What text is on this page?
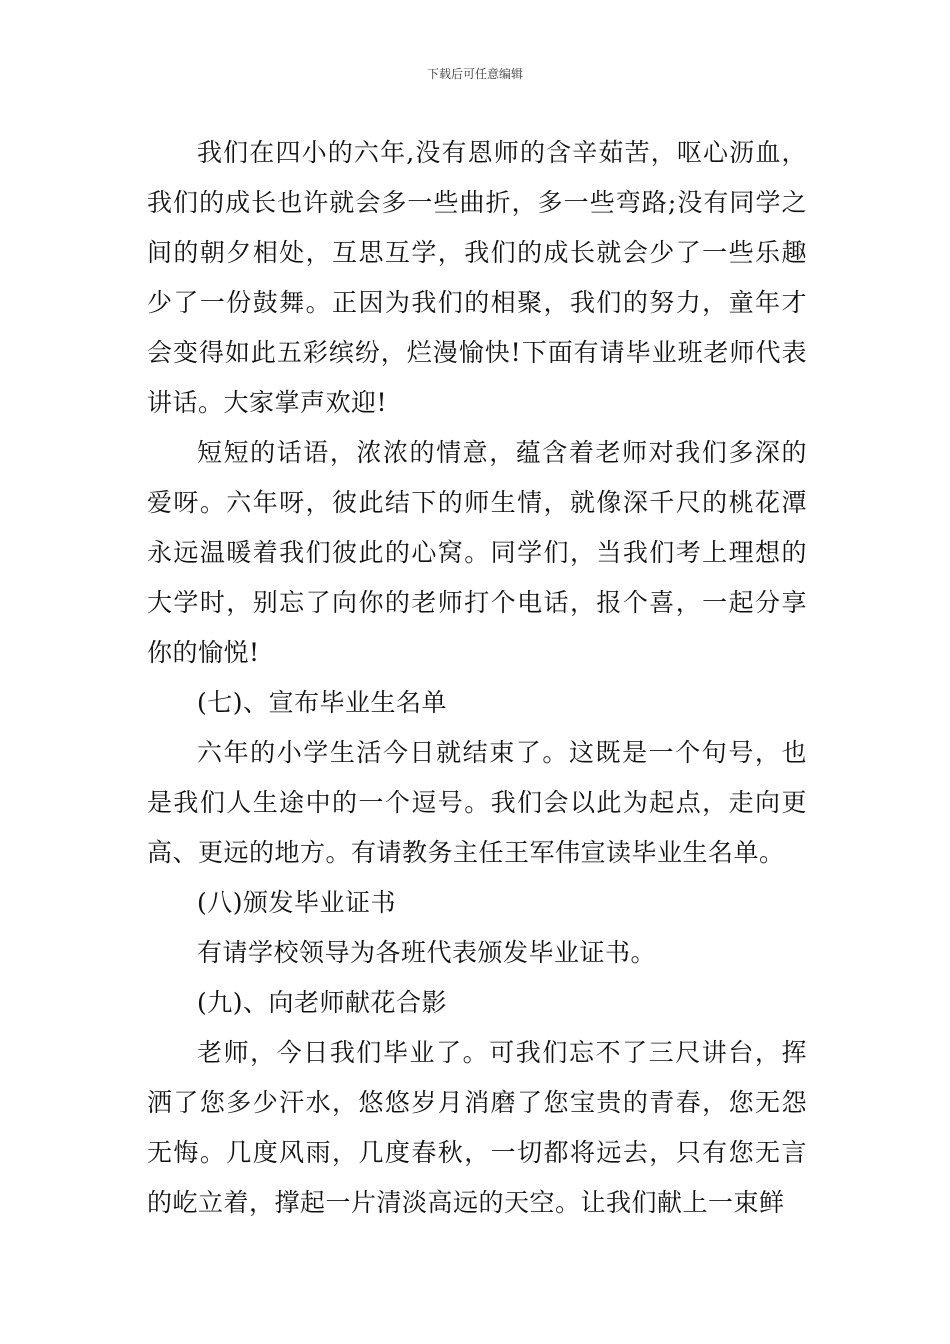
下载后可任意编辑

我们在四小的六年,没有恩师的含辛茹苦，呕心沥血，我们的成长也许就会多一些曲折，多一些弯路;没有同学之间的朝夕相处，互思互学，我们的成长就会少了一些乐趣少了一份鼓舞。正因为我们的相聚，我们的努力，童年才会变得如此五彩缤纷，烂漫愉快!下面有请毕业班老师代表讲话。大家掌声欢迎!

短短的话语，浓浓的情意，蕴含着老师对我们多深的爱呀。六年呀，彼此结下的师生情，就像深千尺的桃花潭永远温暖着我们彼此的心窝。同学们，当我们考上理想的大学时，别忘了向你的老师打个电话，报个喜，一起分享你的愉悦!

(七)、宣布毕业生名单

六年的小学生活今日就结束了。这既是一个句号，也是我们人生途中的一个逗号。我们会以此为起点，走向更高、更远的地方。有请教务主任王军伟宣读毕业生名单。

(八)颁发毕业证书

有请学校领导为各班代表颁发毕业证书。

(九)、向老师献花合影

老师，今日我们毕业了。可我们忘不了三尺讲台，挥洒了您多少汗水，悠悠岁月消磨了您宝贵的青春，您无怨无悔。几度风雨，几度春秋，一切都将远去，只有您无言的屹立着，撑起一片清淡高远的天空。让我们献上一束鲜
